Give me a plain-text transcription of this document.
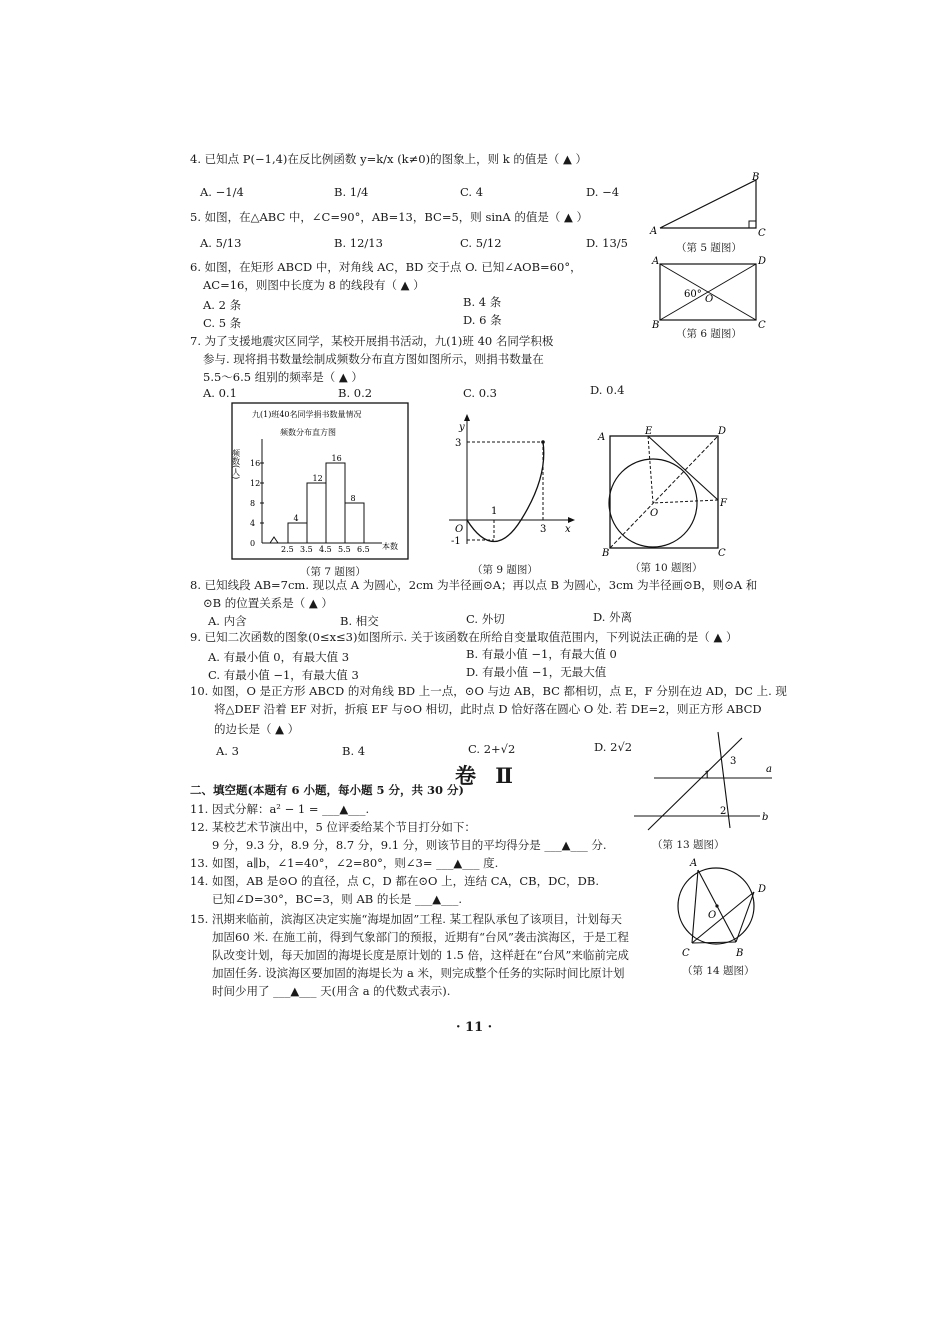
4. 已知点 P(−1,4)在反比例函数 y=k/x (k≠0)的图象上，则 k 的值是（ ▲ ）
A. −1/4	B. 1/4	C. 4	D. −4
5. 如图，在△ABC 中，∠C=90°，AB=13，BC=5，则 sinA 的值是（ ▲ ）
A. 5/13	B. 12/13	C. 5/12	D. 13/5
A
B
C
（第 5 题图）
6. 如图，在矩形 ABCD 中，对角线 AC，BD 交于点 O. 已知∠AOB=60°，
AC=16，则图中长度为 8 的线段有（ ▲ ）
A. 2 条	B. 4 条
C. 5 条	D. 6 条
A	D
B	C
O
60°
（第 6 题图）
7. 为了支援地震灾区同学，某校开展捐书活动，九(1)班 40 名同学积极
参与. 现将捐书数量绘制成频数分布直方图如图所示，则捐书数量在
5.5～6.5 组别的频率是（ ▲ ）
A. 0.1	B. 0.2	C. 0.3	D. 0.4
九(1)班40名同学捐书数量情况
频数分布直方图
频数(人)
本数
0
4
8
12
16
2.5 3.5 4.5 5.5 6.5
4
12
16
8
（第 7 题图）
y
x
O
1
3
3
-1
（第 9 题图）
A
E	D
F
O
B	C
（第 10 题图）
8. 已知线段 AB=7cm. 现以点 A 为圆心，2cm 为半径画⊙A；再以点 B 为圆心，3cm 为半径画⊙B，则⊙A 和
⊙B 的位置关系是（ ▲ ）
A. 内含	B. 相交	C. 外切	D. 外离
9. 已知二次函数的图象(0≤x≤3)如图所示. 关于该函数在所给自变量取值范围内，下列说法正确的是（ ▲ ）
A. 有最小值 0，有最大值 3	B. 有最小值 −1，有最大值 0
C. 有最小值 −1，有最大值 3	D. 有最小值 −1，无最大值
10. 如图，O 是正方形 ABCD 的对角线 BD 上一点，⊙O 与边 AB，BC 都相切，点 E，F 分别在边 AD，DC 上. 现
将△DEF 沿着 EF 对折，折痕 EF 与⊙O 相切，此时点 D 恰好落在圆心 O 处. 若 DE=2，则正方形 ABCD
的边长是（ ▲ ）
A. 3	B. 4	C. 2+√2	D. 2√2
卷 Ⅱ	a
b
1
2
3
（第 13 题图）
二、填空题(本题有 6 小题，每小题 5 分，共 30 分)
11. 因式分解：a² − 1 = ___▲___.
12. 某校艺术节演出中，5 位评委给某个节目打分如下：
9 分，9.3 分，8.9 分，8.7 分，9.1 分，则该节目的平均得分是 ___▲___ 分.
13. 如图，a∥b，∠1=40°，∠2=80°，则∠3= ___▲___ 度.
14. 如图，AB 是⊙O 的直径，点 C，D 都在⊙O 上，连结 CA，CB，DC，DB.
已知∠D=30°，BC=3，则 AB 的长是 ___▲___.
15. 汛期来临前，滨海区决定实施“海堤加固”工程. 某工程队承包了该项目，计划每天
加固60 米. 在施工前，得到气象部门的预报，近期有“台风”袭击滨海区，于是工程
队改变计划，每天加固的海堤长度是原计划的 1.5 倍，这样赶在“台风”来临前完成
加固任务. 设滨海区要加固的海堤长为 a 米，则完成整个任务的实际时间比原计划
时间少用了 ___▲___ 天(用含 a 的代数式表示).
A
D
O
C	B
（第 14 题图）
· 11 ·
